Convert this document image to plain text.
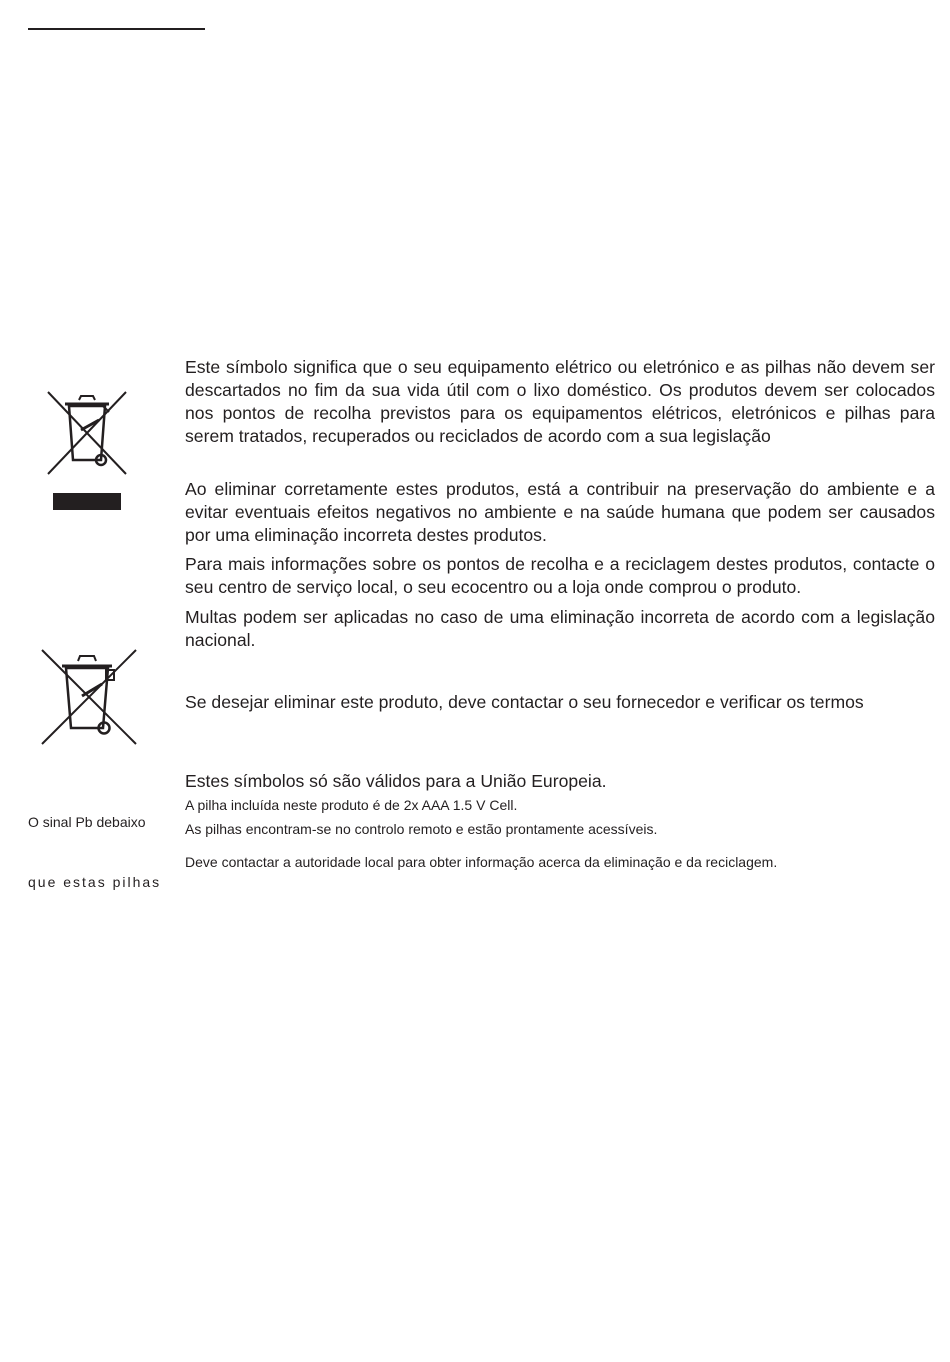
Este símbolo significa que o seu equipamento elétrico ou eletrónico e as pilhas não devem ser descartados no fim da sua vida útil com o lixo doméstico. Os produtos devem ser colocados nos pontos de recolha previstos para os equipamentos elétricos, eletrónicos e pilhas para serem tratados, recuperados ou reciclados de acordo com a sua legislação

Ao eliminar corretamente estes produtos, está a contribuir na preservação do ambiente e a evitar eventuais efeitos negativos no ambiente e na saúde humana que podem ser causados por uma eliminação incorreta destes produtos.

Para mais informações sobre os pontos de recolha e a reciclagem destes produtos, contacte o seu centro de serviço local, o seu ecocentro ou a loja onde comprou o produto.

Multas podem ser aplicadas no caso de uma eliminação incorreta de acordo com a legislação nacional.

Se desejar eliminar este produto, deve contactar o seu fornecedor e verificar os termos

Estes símbolos só são válidos para a União Europeia.

A pilha incluída neste produto é de 2x AAA 1.5 V Cell.

As pilhas encontram-se no controlo remoto e estão prontamente acessíveis.

Deve contactar a autoridade local para obter informação acerca da eliminação e da reciclagem.

O sinal Pb debaixo

que estas pilhas
